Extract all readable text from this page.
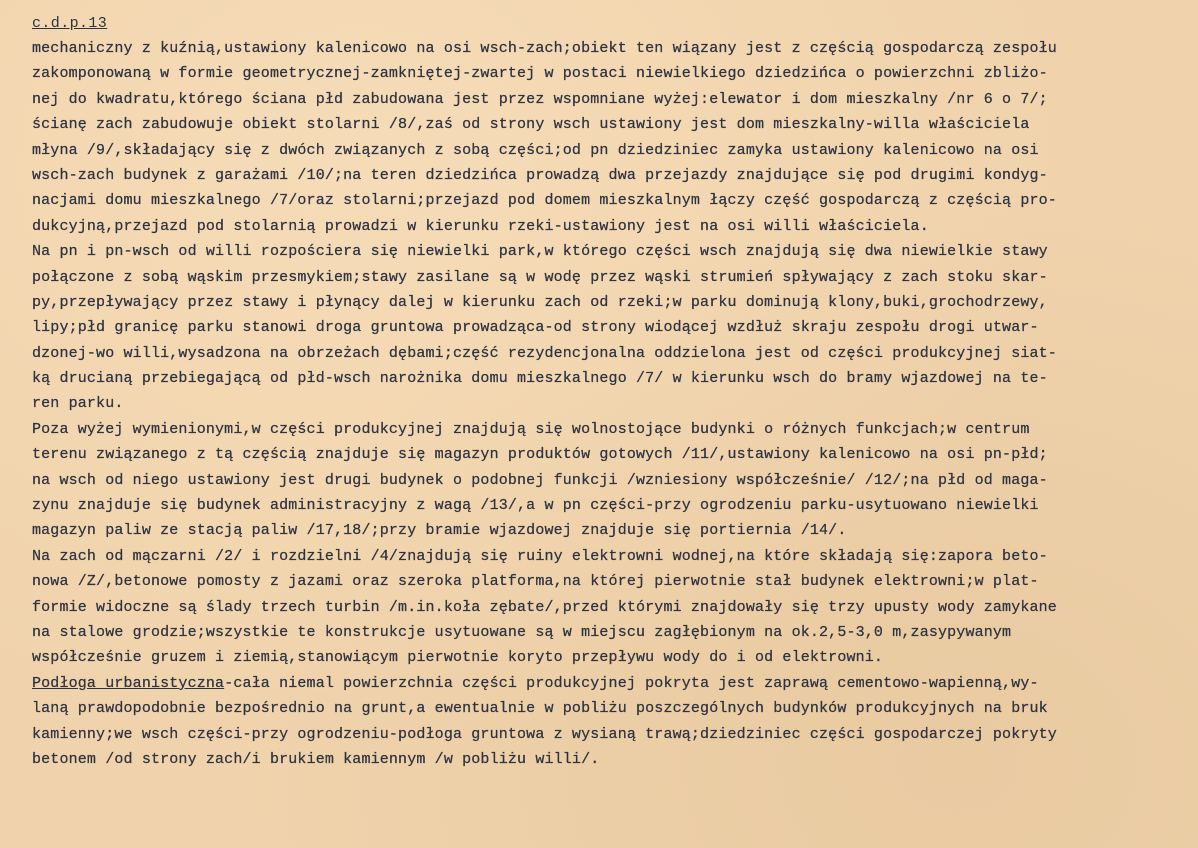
c.d.p.13
mechaniczny z kuźnią,ustawiony kalenicowo na osi wsch-zach;obiekt ten wiązany jest z częścią gospodarczą zespołu
zakomponowaną w formie geometrycznej-zamkniętej-zwartej w postaci niewielkiego dziedzińca o powierzchni zbliżo-
nej do kwadratu,którego ściana płd zabudowana jest przez wspomniane wyżej:elewator i dom mieszkalny /nr 6 o 7/;
ścianę zach zabudowuje obiekt stolarni /8/,zaś od strony wsch ustawiony jest dom mieszkalny-willa właściciela
młyna /9/,składający się z dwóch związanych z sobą części;od pn dziedziniec zamyka ustawiony kalenicowo na osi
wsch-zach budynek z garażami /10/;na teren dziedzińca prowadzą dwa przejazdy znajdujące się pod drugimi kondyg-
nacjami domu mieszkalnego /7/oraz stolarni;przejazd pod domem mieszkalnym łączy część gospodarczą z częścią pro-
dukcyjną,przejazd pod stolarnią prowadzi w kierunku rzeki-ustawiony jest na osi willi właściciela.
Na pn i pn-wsch od willi rozpościera się niewielki park,w którego części wsch znajdują się dwa niewielkie stawy
połączone z sobą wąskim przesmykiem;stawy zasilane są w wodę przez wąski strumień spływający z zach stoku skar-
py,przepływający przez stawy i płynący dalej w kierunku zach od rzeki;w parku dominują klony,buki,grochodrzewy,
lipy;płd granicę parku stanowi droga gruntowa prowadząca-od strony wiodącej wzdłuż skraju zespołu drogi utwar-
dzonej-wo willi,wysadzona na obrzeżach dębami;część rezydencjonalna oddzielona jest od części produkcyjnej siat-
ką drucianą przebiegającą od płd-wsch narożnika domu mieszkalnego /7/ w kierunku wsch do bramy wjazdowej na te-
ren parku.
Poza wyżej wymienionymi,w części produkcyjnej znajdują się wolnostojące budynki o różnych funkcjach;w centrum
terenu związanego z tą częścią znajduje się magazyn produktów gotowych /11/,ustawiony kalenicowo na osi pn-płd;
na wsch od niego ustawiony jest drugi budynek o podobnej funkcji /wzniesiony współcześnie/ /12/;na płd od maga-
zynu znajduje się budynek administracyjny z wagą /13/,a w pn części-przy ogrodzeniu parku-usytuowano niewielki
magazyn paliw ze stacją paliw /17,18/;przy bramie wjazdowej znajduje się portiernia /14/.
Na zach od mączarni /2/ i rozdzielni /4/znajdują się ruiny elektrowni wodnej,na które składają się:zapora beto-
nowa /Z/,betonowe pomosty z jazami oraz szeroka platforma,na której pierwotnie stał budynek elektrowni;w plat-
formie widoczne są ślady trzech turbin /m.in.koła zębate/,przed którymi znajdowały się trzy upusty wody zamykane
na stalowe grodzie;wszystkie te konstrukcje usytuowane są w miejscu zagłębionym na ok.2,5-3,0 m,zasypywanym
współcześnie gruzem i ziemią,stanowiącym pierwotnie koryto przepływu wody do i od elektrowni.
Podłoga urbanistyczna-cała niemal powierzchnia części produkcyjnej pokryta jest zaprawą cementowo-wapienną,wy-
laną prawdopodobnie bezpośrednio na grunt,a ewentualnie w pobliżu poszczególnych budynków produkcyjnych na bruk
kamienny;we wsch części-przy ogrodzeniu-podłoga gruntowa z wysianą trawą;dziedziniec części gospodarczej pokryty
betonem /od strony zach/i brukiem kamiennym /w pobliżu willi/.
